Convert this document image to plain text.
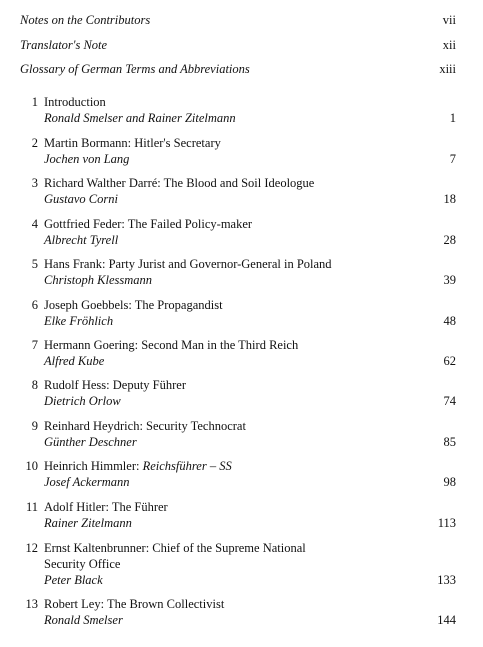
Notes on the Contributors	vii
Translator's Note	xii
Glossary of German Terms and Abbreviations	xiii
1 Introduction
Ronald Smelser and Rainer Zitelmann	1
2 Martin Bormann: Hitler's Secretary
Jochen von Lang	7
3 Richard Walther Darré: The Blood and Soil Ideologue
Gustavo Corni	18
4 Gottfried Feder: The Failed Policy-maker
Albrecht Tyrell	28
5 Hans Frank: Party Jurist and Governor-General in Poland
Christoph Klessmann	39
6 Joseph Goebbels: The Propagandist
Elke Fröhlich	48
7 Hermann Goering: Second Man in the Third Reich
Alfred Kube	62
8 Rudolf Hess: Deputy Führer
Dietrich Orlow	74
9 Reinhard Heydrich: Security Technocrat
Günther Deschner	85
10 Heinrich Himmler: Reichsführer – SS
Josef Ackermann	98
11 Adolf Hitler: The Führer
Rainer Zitelmann	113
12 Ernst Kaltenbrunner: Chief of the Supreme National
Security Office
Peter Black	133
13 Robert Ley: The Brown Collectivist
Ronald Smelser	144
